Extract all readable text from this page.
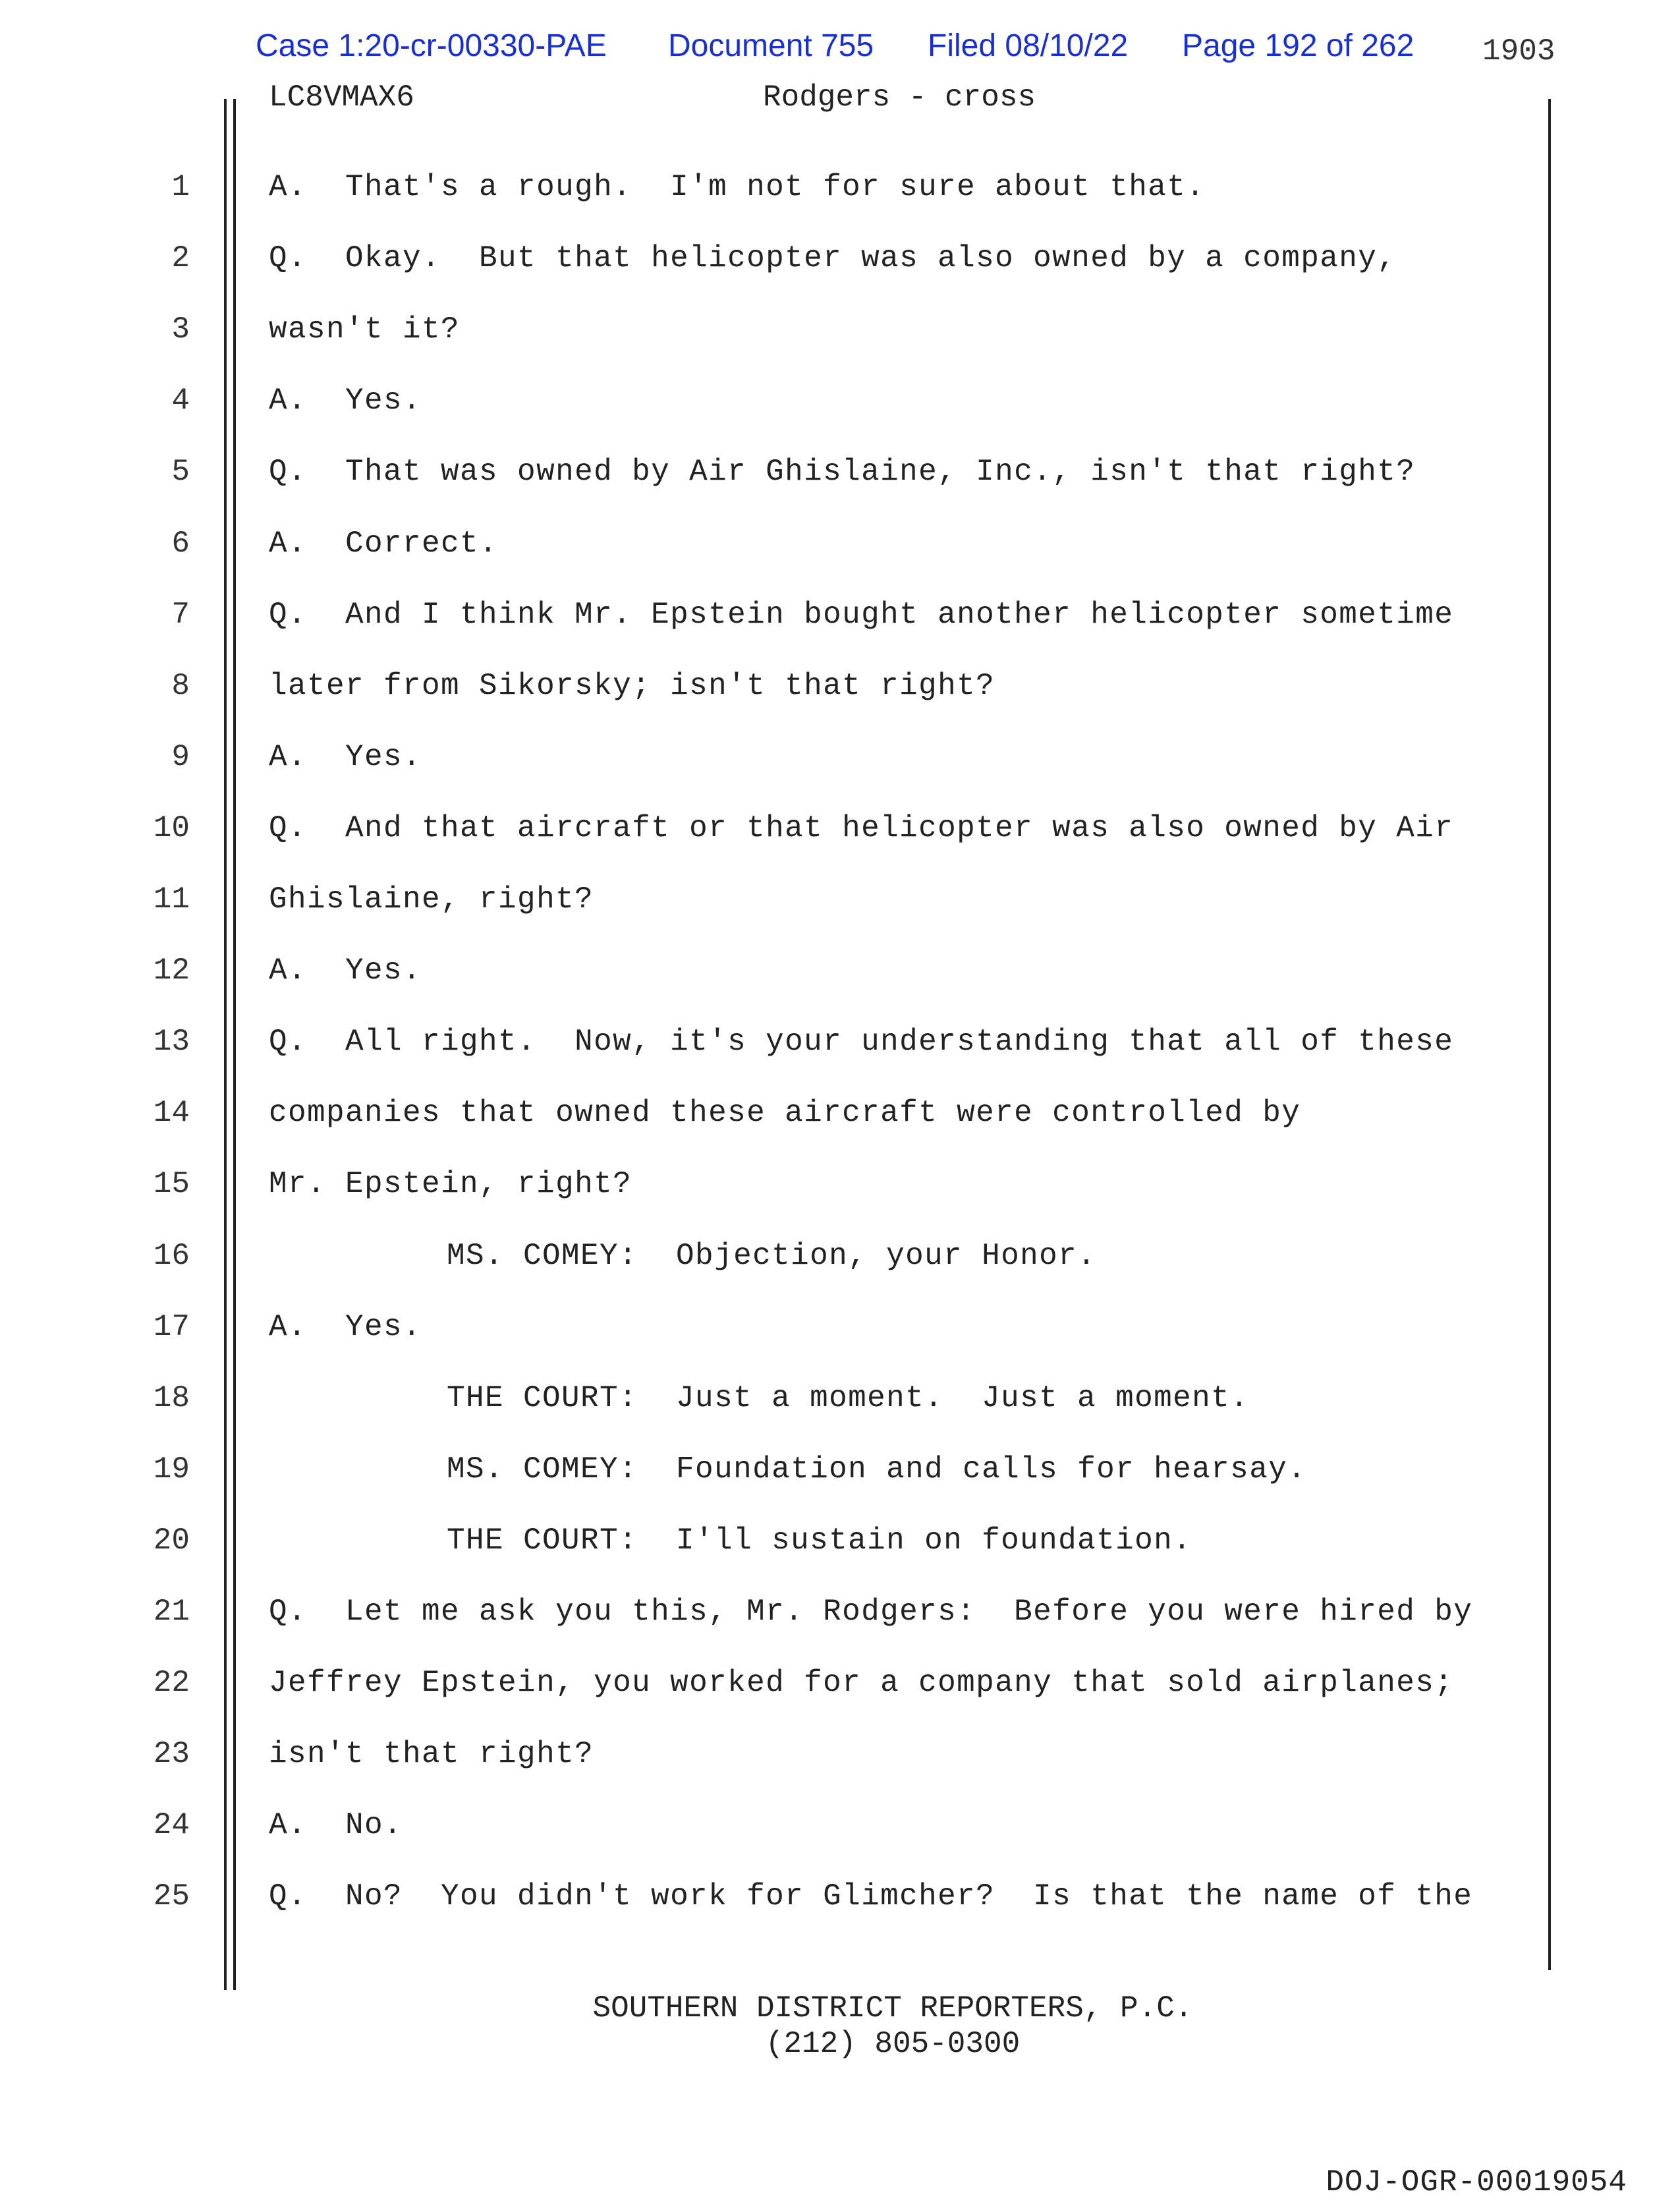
Case 1:20-cr-00330-PAE Document 755 Filed 08/10/22 Page 192 of 262 1903
LC8VMAX6	Rodgers - cross
1	A.  That's a rough.  I'm not for sure about that.
2	Q.  Okay.  But that helicopter was also owned by a company,
3	wasn't it?
4	A.  Yes.
5	Q.  That was owned by Air Ghislaine, Inc., isn't that right?
6	A.  Correct.
7	Q.  And I think Mr. Epstein bought another helicopter sometime
8	later from Sikorsky; isn't that right?
9	A.  Yes.
10	Q.  And that aircraft or that helicopter was also owned by Air
11	Ghislaine, right?
12	A.  Yes.
13	Q.  All right.  Now, it's your understanding that all of these
14	companies that owned these aircraft were controlled by
15	Mr. Epstein, right?
16	MS. COMEY:  Objection, your Honor.
17	A.  Yes.
18	THE COURT:  Just a moment.  Just a moment.
19	MS. COMEY:  Foundation and calls for hearsay.
20	THE COURT:  I'll sustain on foundation.
21	Q.  Let me ask you this, Mr. Rodgers:  Before you were hired by
22	Jeffrey Epstein, you worked for a company that sold airplanes;
23	isn't that right?
24	A.  No.
25	Q.  No?  You didn't work for Glimcher?  Is that the name of the
SOUTHERN DISTRICT REPORTERS, P.C.
(212) 805-0300
DOJ-OGR-00019054
